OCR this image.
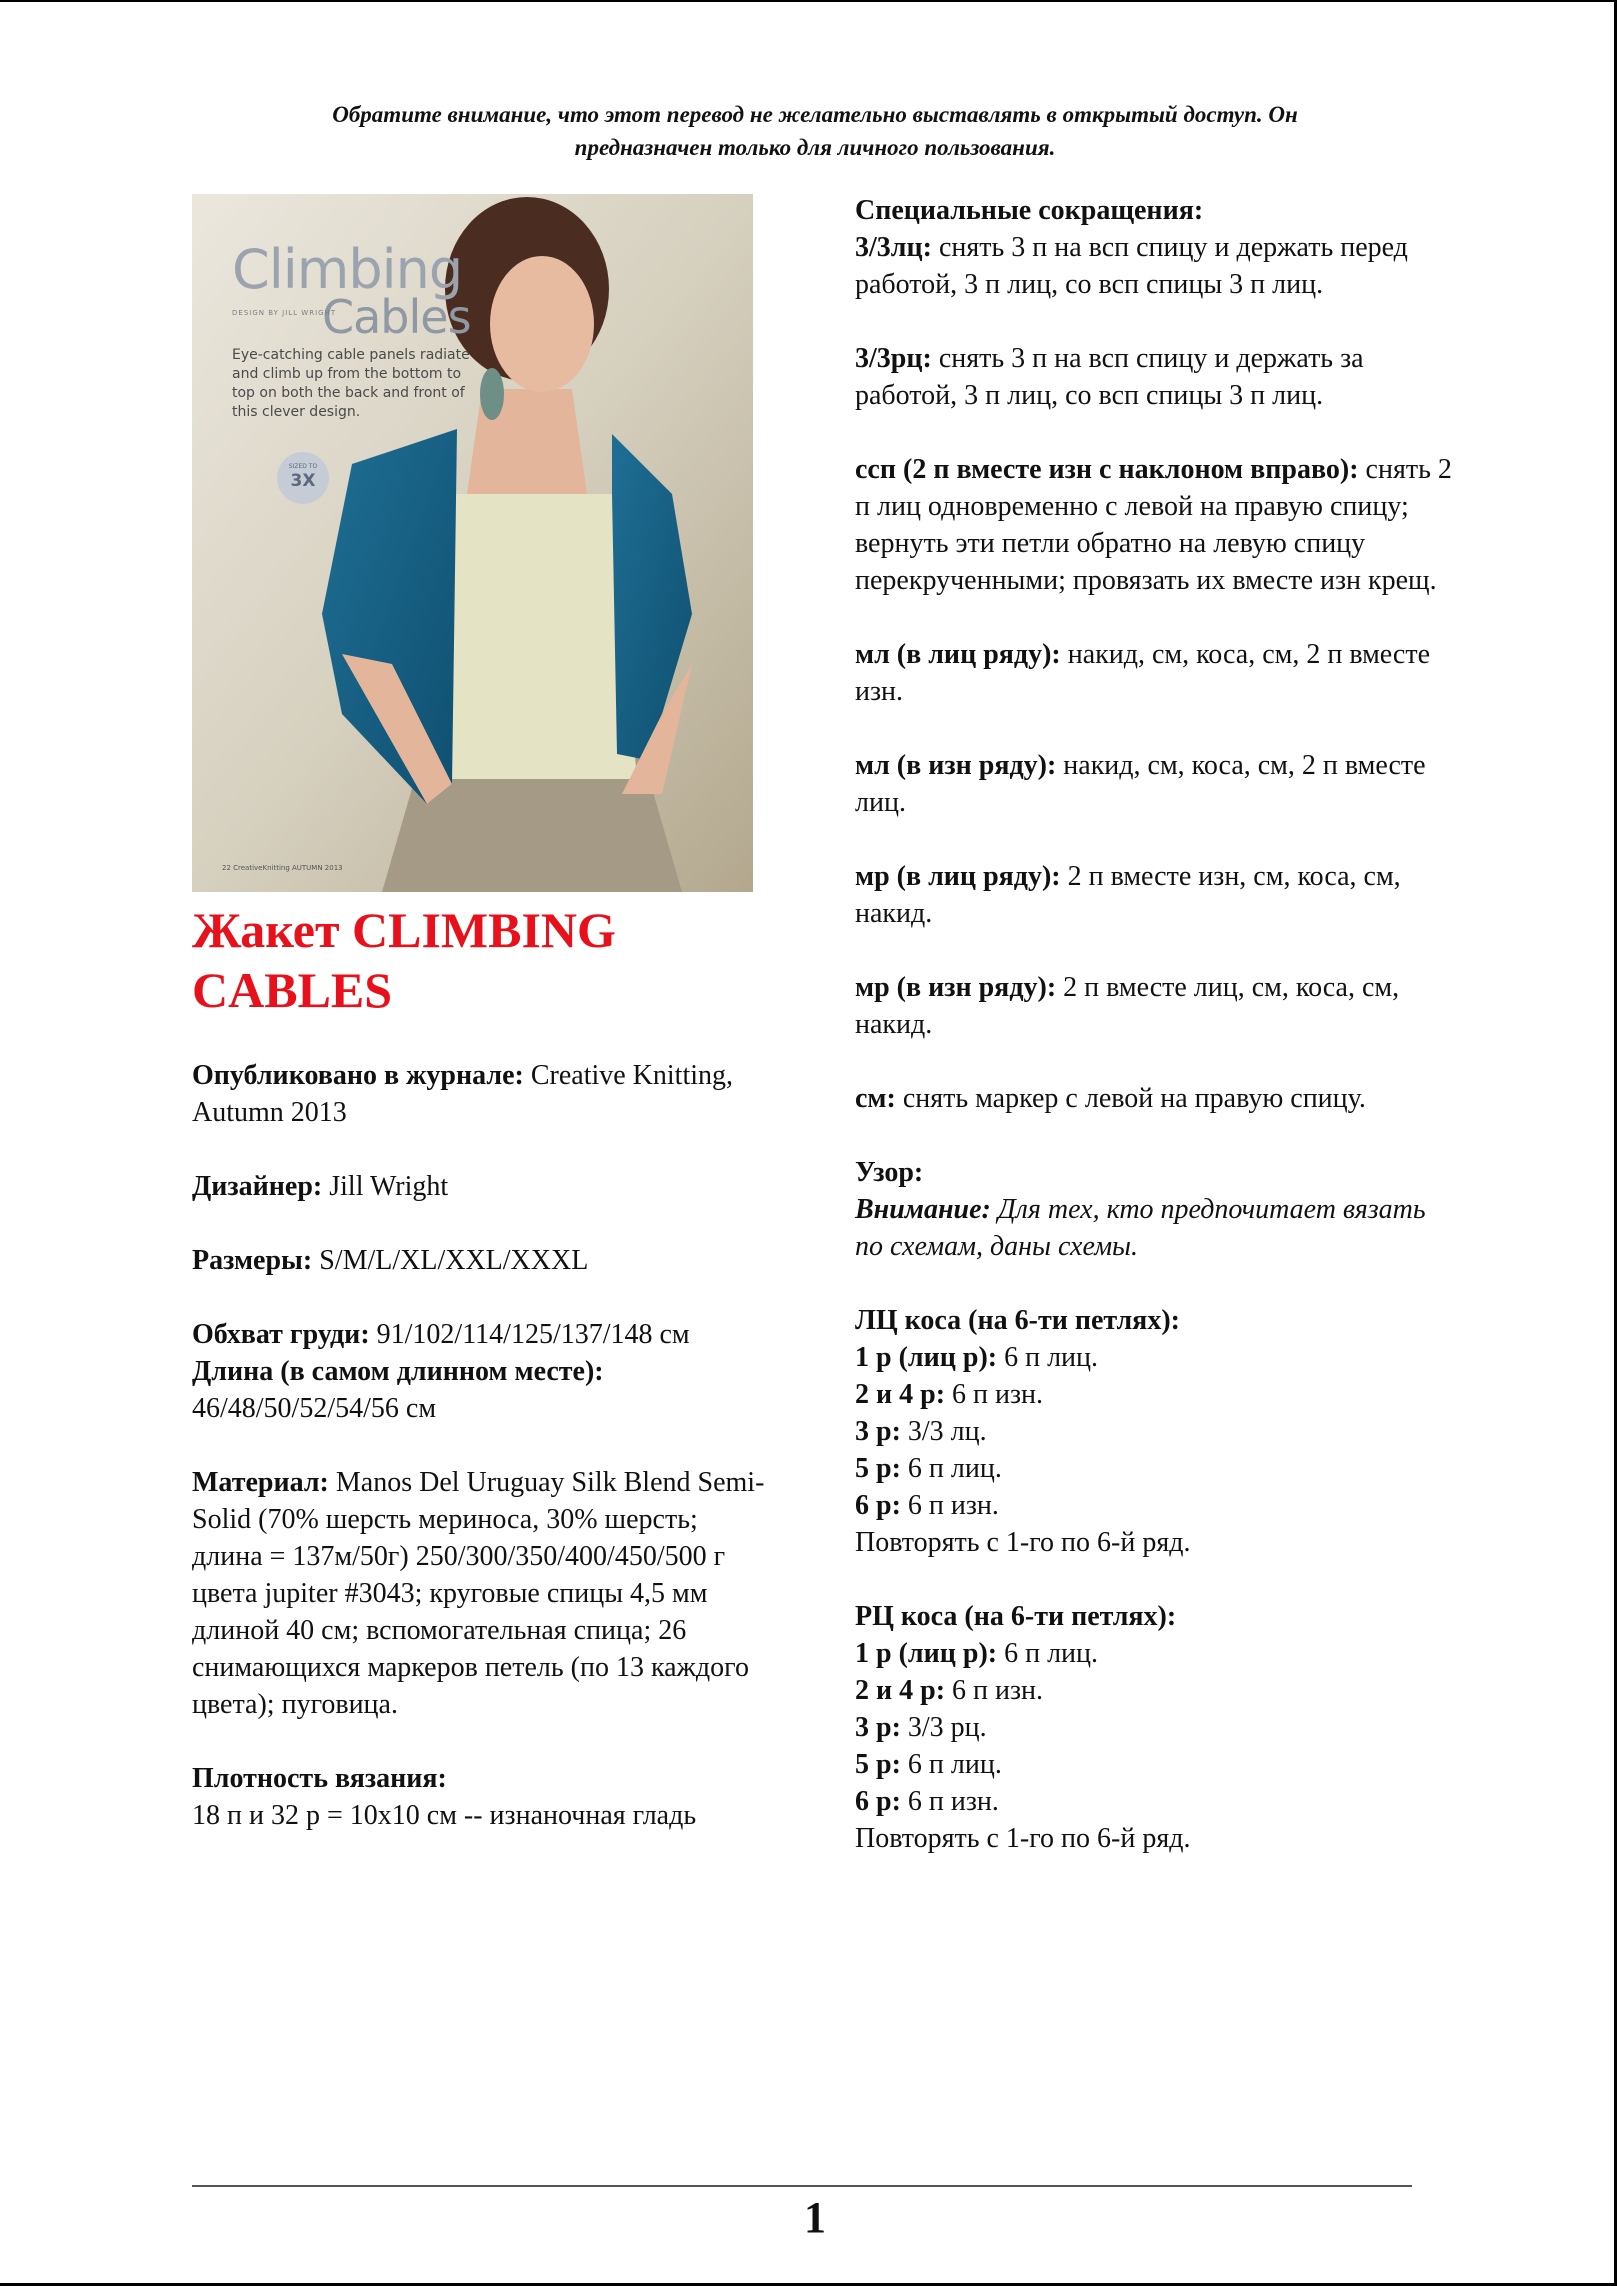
Обратите внимание, что этот перевод не желательно выставлять в открытый доступ. Он
предназначен только для личного пользования.
Climbing
Cables
DESIGN BY JILL WRIGHT
Eye-catching cable panels radiate and climb up from the bottom to top on both the back and front of this clever design.
SIZED TO
3X
22 CreativeKnitting AUTUMN 2013
Жакет CLIMBING CABLES

Опубликовано в журнале: Creative Knitting, Autumn 2013

Дизайнер: Jill Wright

Размеры: S/M/L/XL/XXL/XXXL

Обхват груди: 91/102/114/125/137/148 см

Длина (в самом длинном месте):
46/48/50/52/54/56 см

Материал: Manos Del Uruguay Silk Blend Semi-Solid (70% шерсть мериноса, 30% шерсть; длина = 137м/50г) 250/300/350/400/450/500 г цвета jupiter #3043; круговые спицы 4,5 мм длиной 40 см; вспомогательная спица; 26 снимающихся маркеров петель (по 13 каждого цвета); пуговица.

Плотность вязания:
18 п и 32 р = 10х10 см -- изнаночная гладь

Специальные сокращения:

3/3лц: снять 3 п на всп спицу и держать перед работой, 3 п лиц, со всп спицы 3 п лиц.

3/3рц: снять 3 п на всп спицу и держать за работой, 3 п лиц, со всп спицы 3 п лиц.

ссп (2 п вместе изн с наклоном вправо): снять 2 п лиц одновременно с левой на правую спицу; вернуть эти петли обратно на левую спицу перекрученными; провязать их вместе изн крещ.

мл (в лиц ряду): накид, см, коса, см, 2 п вместе изн.

мл (в изн ряду): накид, см, коса, см, 2 п вместе лиц.

мр (в лиц ряду): 2 п вместе изн, см, коса, см, накид.

мр (в изн ряду): 2 п вместе лиц, см, коса, см, накид.

см: снять маркер с левой на правую спицу.

Узор:

Внимание: Для тех, кто предпочитает вязать по схемам, даны схемы.

ЛЦ коса (на 6-ти петлях):

1 р (лиц р): 6 п лиц.

2 и 4 р: 6 п изн.

3 р: 3/3 лц.

5 р: 6 п лиц.

6 р: 6 п изн.

Повторять с 1-го по 6-й ряд.

РЦ коса (на 6-ти петлях):

1 р (лиц р): 6 п лиц.

2 и 4 р: 6 п изн.

3 р: 3/3 рц.

5 р: 6 п лиц.

6 р: 6 п изн.

Повторять с 1-го по 6-й ряд.

1
